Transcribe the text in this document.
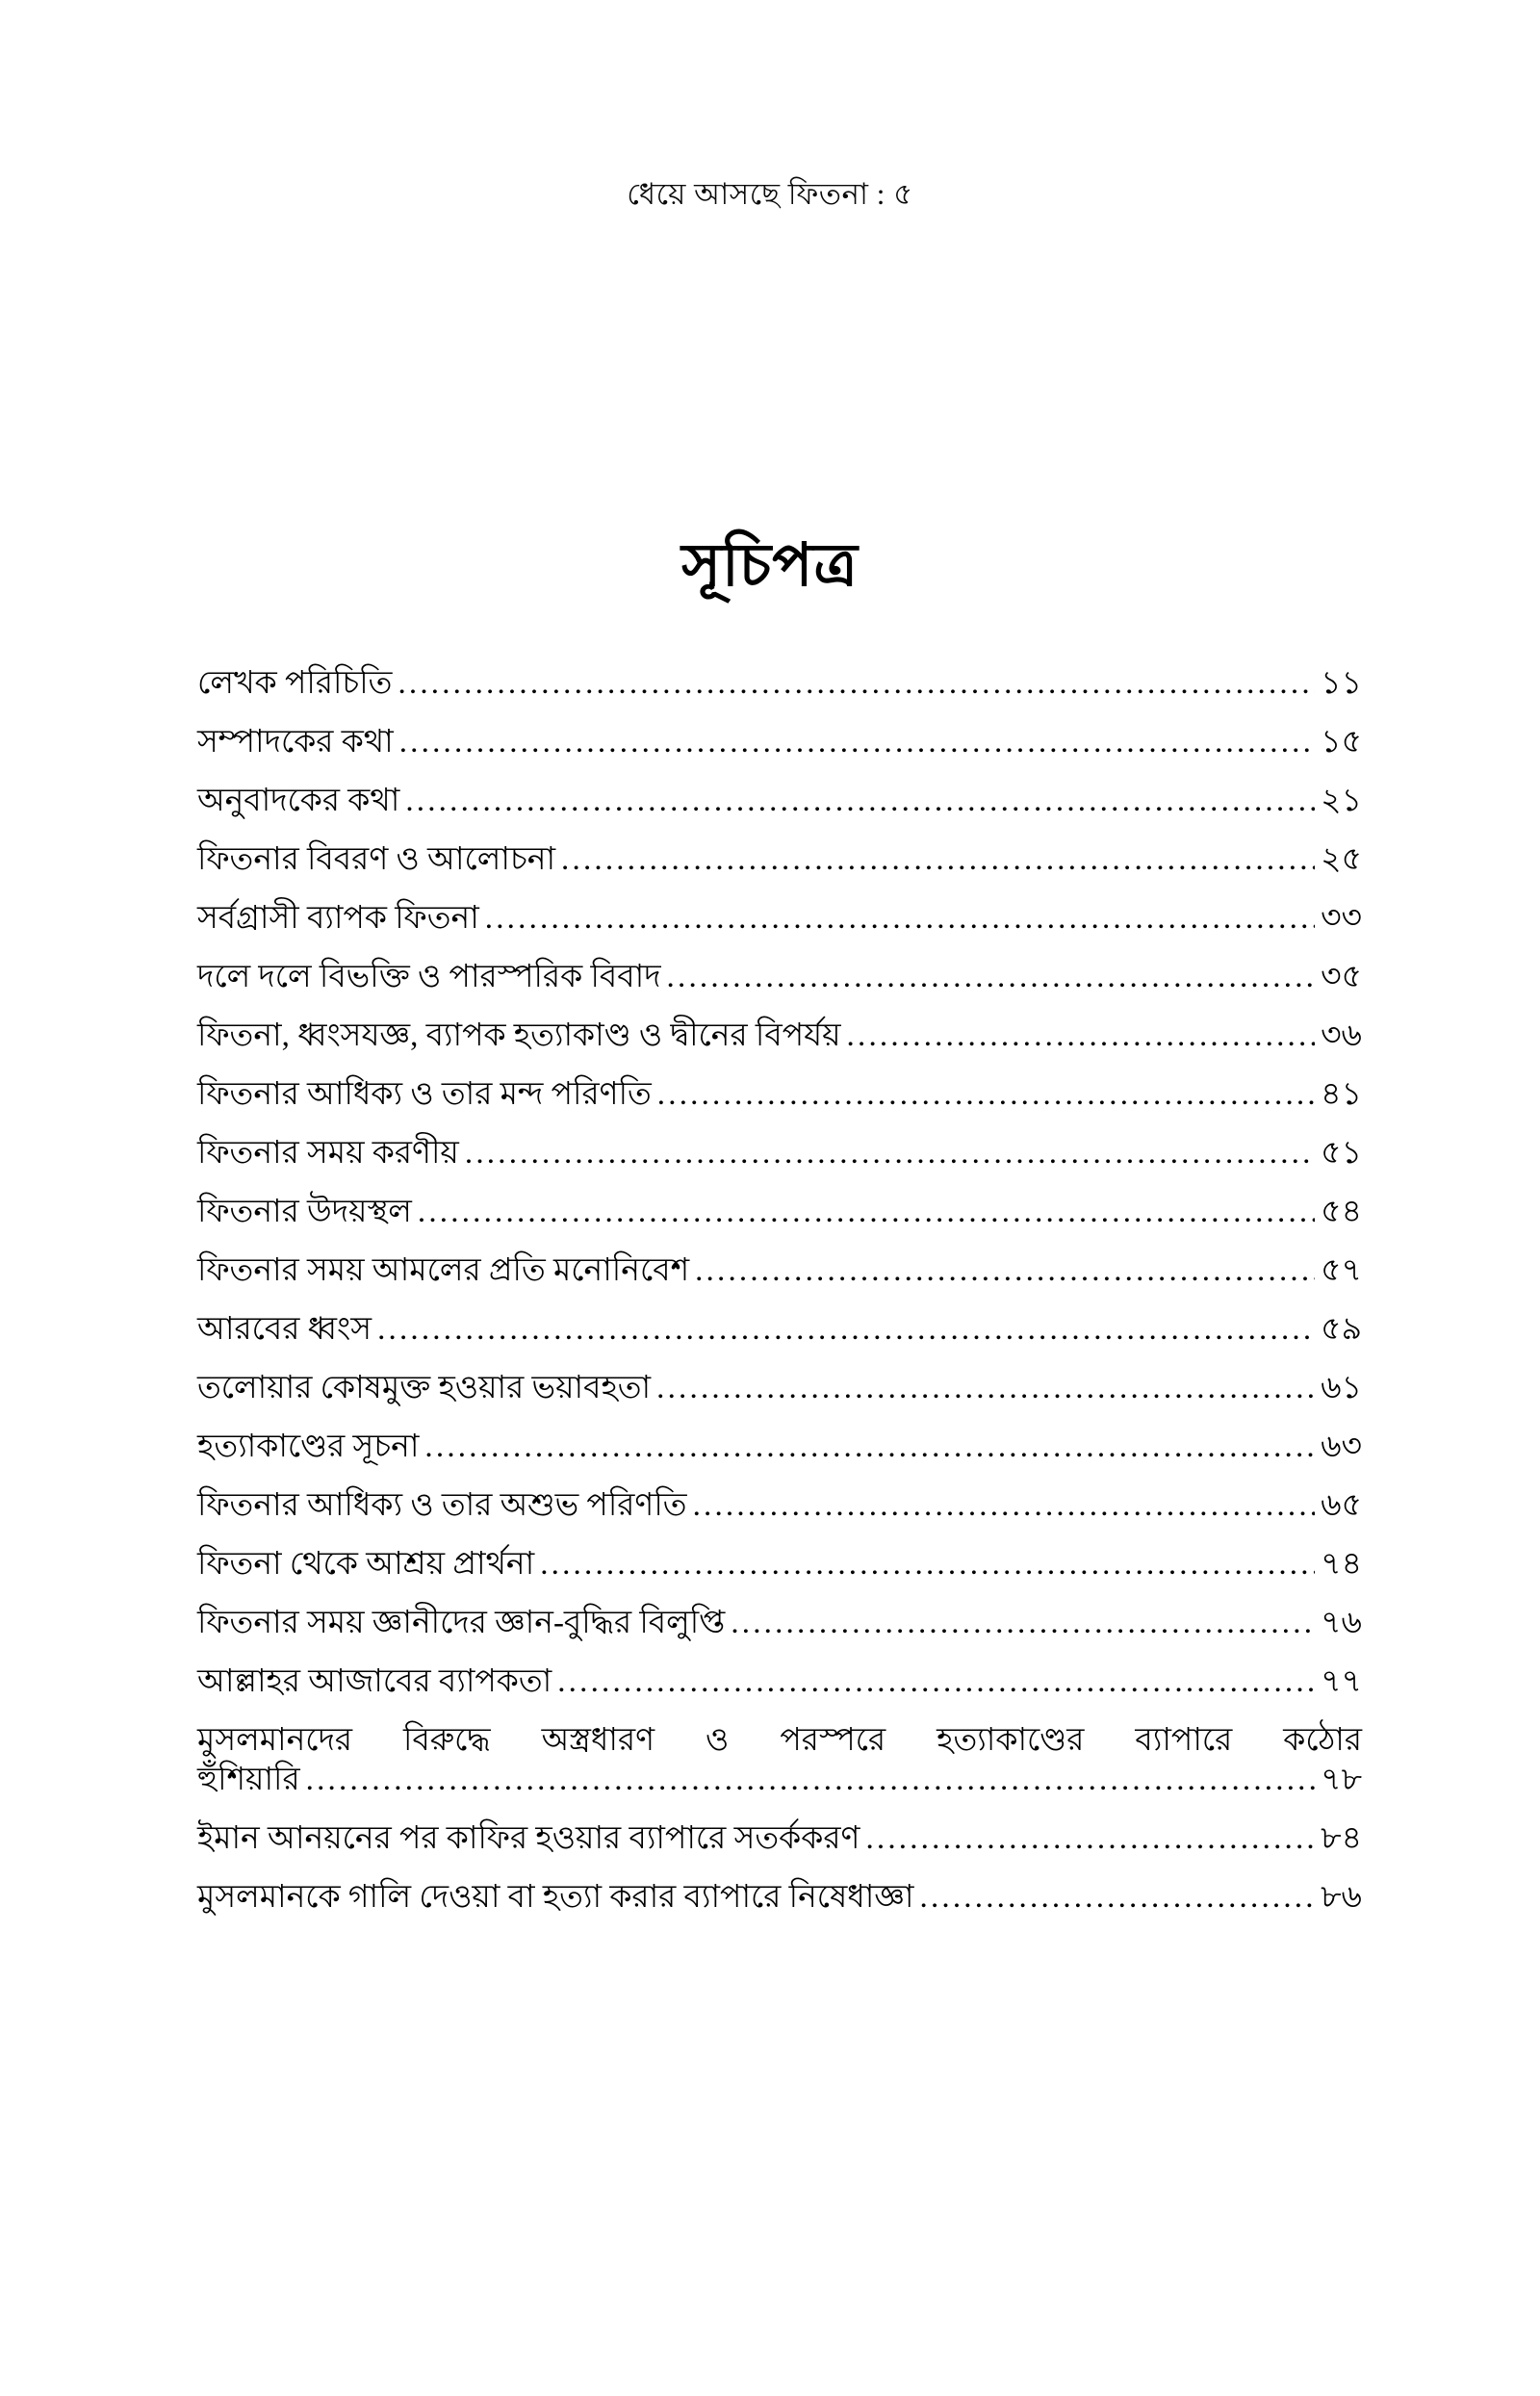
ধেয়ে আসছে ফিতনা : ৫
সূচিপত্র
লেখক পরিচিতি .....	১১
সম্পাদকের কথা .....	১৫
অনুবাদকের কথা .....	২১
ফিতনার বিবরণ ও আলোচনা .....	২৫
সর্বগ্রাসী ব্যাপক ফিতনা .....	৩৩
দলে দলে বিভক্তি ও পারস্পরিক বিবাদ .....	৩৫
ফিতনা, ধ্বংসযজ্ঞ, ব্যাপক হত্যাকাণ্ড ও দ্বীনের বিপর্যয় .....	৩৬
ফিতনার আধিক্য ও তার মন্দ পরিণতি .....	৪১
ফিতনার সময় করণীয় .....	৫১
ফিতনার উদয়স্থল .....	৫৪
ফিতনার সময় আমলের প্রতি মনোনিবেশ .....	৫৭
আরবের ধ্বংস .....	৫৯
তলোয়ার কোষমুক্ত হওয়ার ভয়াবহতা .....	৬১
হত্যাকাণ্ডের সূচনা .....	৬৩
ফিতনার আধিক্য ও তার অশুভ পরিণতি .....	৬৫
ফিতনা থেকে আশ্রয় প্রার্থনা .....	৭৪
ফিতনার সময় জ্ঞানীদের জ্ঞান-বুদ্ধির বিলুপ্তি .....	৭৬
আল্লাহর আজাবের ব্যাপকতা .....	৭৭
মুসলমানদের বিরুদ্ধে অস্ত্রধারণ ও পরস্পরে হত্যাকাণ্ডের ব্যাপারে কঠোর
হুঁশিয়ারি .....	৭৮
ইমান আনয়নের পর কাফির হওয়ার ব্যাপারে সতর্ককরণ .....	৮৪
মুসলমানকে গালি দেওয়া বা হত্যা করার ব্যাপারে নিষেধাজ্ঞা .....	৮৬
